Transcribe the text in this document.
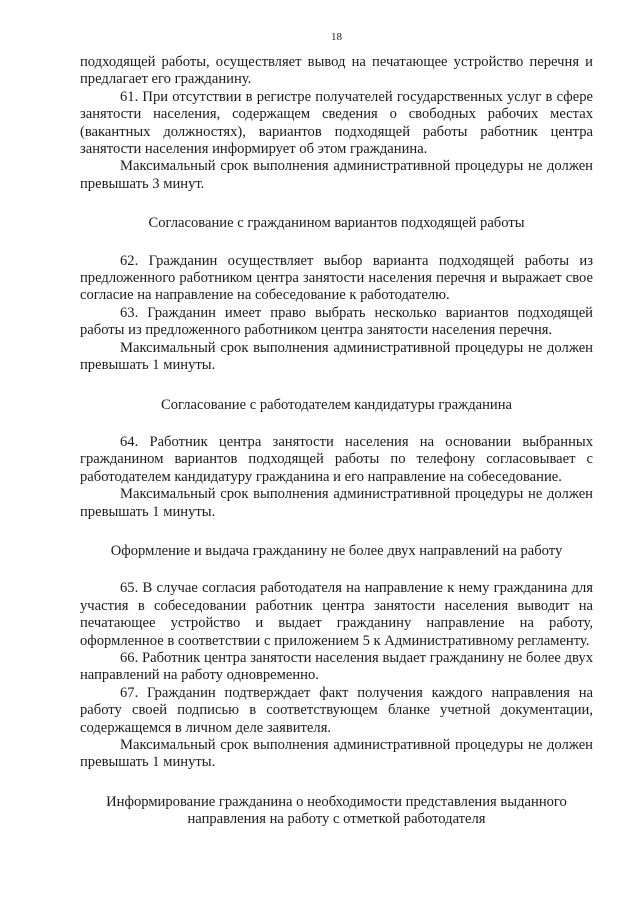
18

подходящей работы, осуществляет вывод на печатающее устройство перечня и предлагает его гражданину.

61. При отсутствии в регистре получателей государственных услуг в сфере занятости населения, содержащем сведения о свободных рабочих местах (вакантных должностях), вариантов подходящей работы работник центра занятости населения информирует об этом гражданина.

Максимальный срок выполнения административной процедуры не должен превышать 3 минут.

Согласование с гражданином вариантов подходящей работы

62. Гражданин осуществляет выбор варианта подходящей работы из предложенного работником центра занятости населения перечня и выражает свое согласие на направление на собеседование к работодателю.

63. Гражданин имеет право выбрать несколько вариантов подходящей работы из предложенного работником центра занятости населения перечня.

Максимальный срок выполнения административной процедуры не должен превышать 1 минуты.

Согласование с работодателем кандидатуры гражданина

64. Работник центра занятости населения на основании выбранных гражданином вариантов подходящей работы по телефону согласовывает с работодателем кандидатуру гражданина и его направление на собеседование.

Максимальный срок выполнения административной процедуры не должен превышать 1 минуты.

Оформление и выдача гражданину не более двух направлений на работу

65. В случае согласия работодателя на направление к нему гражданина для участия в собеседовании работник центра занятости населения выводит на печатающее устройство и выдает гражданину направление на работу, оформленное в соответствии с приложением 5 к Административному регламенту.

66. Работник центра занятости населения выдает гражданину не более двух направлений на работу одновременно.

67. Гражданин подтверждает факт получения каждого направления на работу своей подписью в соответствующем бланке учетной документации, содержащемся в личном деле заявителя.

Максимальный срок выполнения административной процедуры не должен превышать 1 минуты.

Информирование гражданина о необходимости представления выданного направления на работу с отметкой работодателя
